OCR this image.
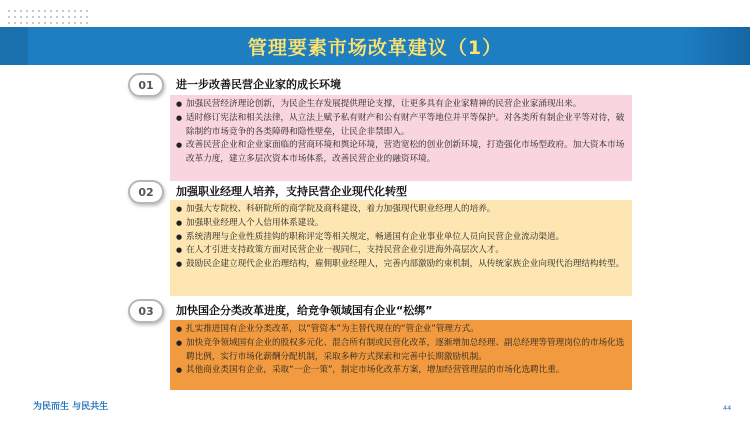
管理要素市场改革建议（1）
01	进一步改善民营企业家的成长环境
● 加强民营经济理论创新，为民企生存发展提供理论支撑，让更多具有企业家精神的民营企业家涌现出来。
● 适时修订宪法和相关法律，从立法上赋予私有财产和公有财产平等地位并平等保护。对各类所有制企业平等对待，破除制约市场竞争的各类障碍和隐性壁垒，让民企非禁即入。
● 改善民营企业和企业家面临的营商环境和舆论环境，营造宽松的创业创新环境，打造强化市场型政府。加大资本市场改革力度，建立多层次资本市场体系，改善民营企业的融资环境。
02	加强职业经理人培养，支持民营企业现代化转型
● 加强大专院校、科研院所的商学院及商科建设，着力加强现代职业经理人的培养。
● 加强职业经理人个人信用体系建设。
● 系统清理与企业性质挂钩的职称评定等相关规定，畅通国有企业事业单位人员向民营企业流动渠道。
● 在人才引进支持政策方面对民营企业一视同仁，支持民营企业引进海外高层次人才。
● 鼓励民企建立现代企业治理结构，雇佣职业经理人，完善内部激励约束机制，从传统家族企业向现代治理结构转型。
03	加快国企分类改革进度，给竞争领域国有企业“松绑”
● 扎实推进国有企业分类改革，以“管资本”为主替代现在的“管企业”管理方式。
● 加快竞争领域国有企业的股权多元化、混合所有制或民营化改革，逐渐增加总经理、副总经理等管理岗位的市场化选聘比例，实行市场化薪酬分配机制，采取多种方式探索和完善中长期激励机制。
● 其他商业类国有企业，采取“一企一策”，制定市场化改革方案，增加经营管理层的市场化选聘比重。
为民而生 与民共生	44
